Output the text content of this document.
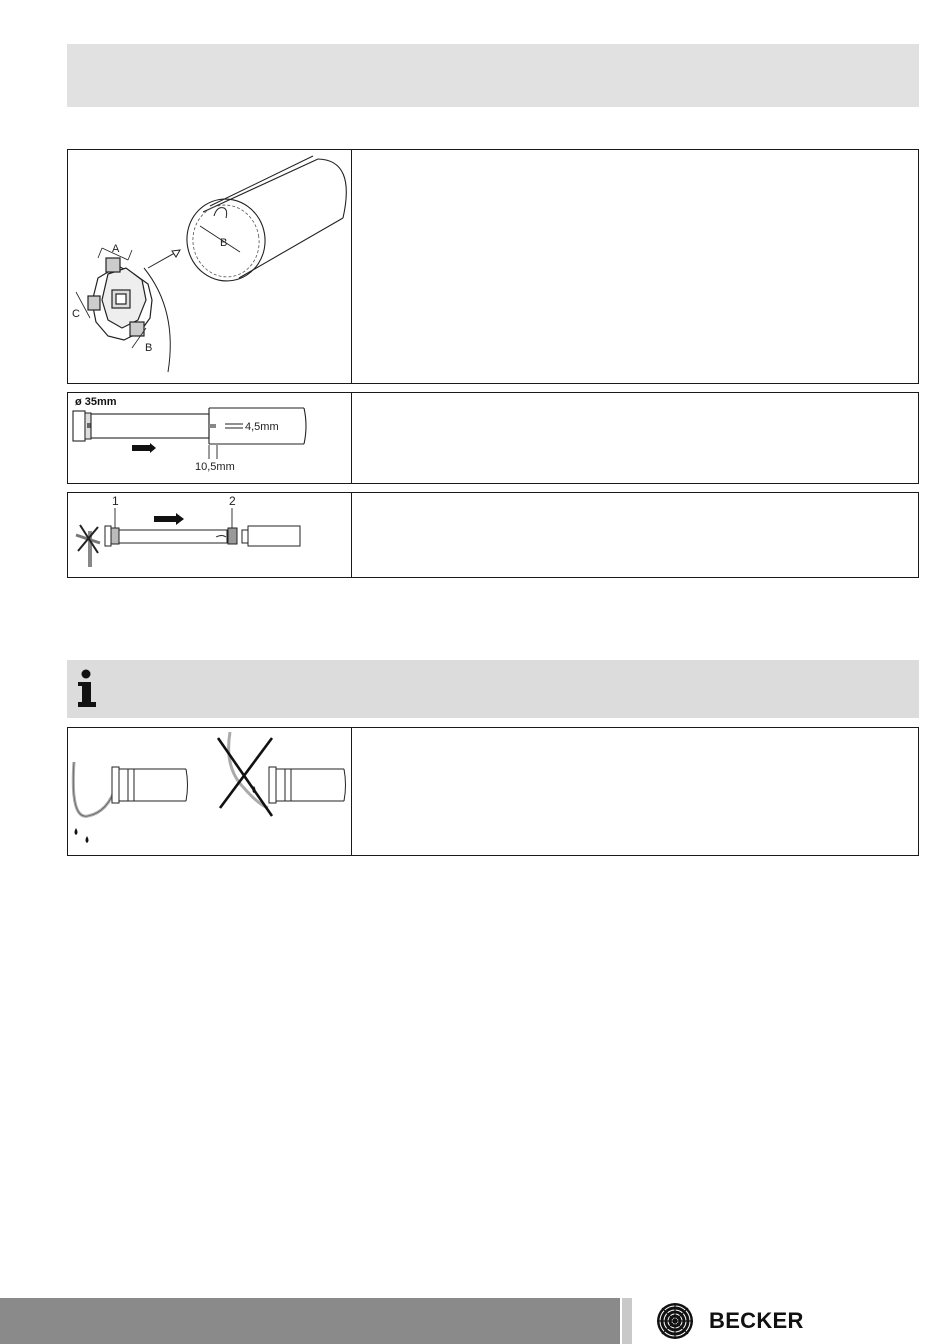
B
A
C
B
ø 35mm
4,5mm
10,5mm
1	2
BECKER
